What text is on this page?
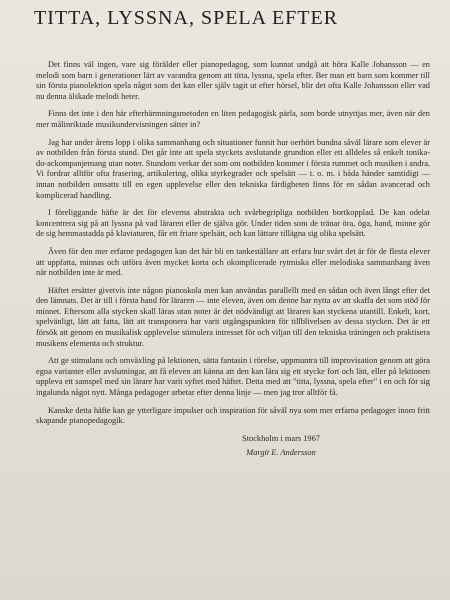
TITTA, LYSSNA, SPELA EFTER

Det finns väl ingen, vare sig förälder eller pianopedagog, som kunnat undgå att höra Kalle Johansson — en melodi som barn i generationer lärt av varandra genom att titta, lyssna, spela efter. Ber man ett barn som kommer till sin första pianolektion spela något som det kan eller själv tagit ut efter hörsel, blir det ofta Kalle Johansson eller vad nu denna älskade melodi heter.

Finns det inte i den här efterhärmningsmetoden en liten pedagogisk pärla, som borde utnyttjas mer, även när den mer målinriktade musikundervisningen sätter in?

Jag har under årens lopp i olika sammanhang och situationer funnit hur oerhört bundna såväl lärare som elever är av notbilden från första stund. Det går inte att spela styckets avslutande grundton eller ett alldeles så enkelt tonika-do-ackompanjemang utan noter. Stundom verkar det som om notbilden kommer i första rummet och musiken i andra. Vi fordrar alltför ofta frasering, artikulering, olika styrkegrader och spelsätt — t. o. m. i båda händer samtidigt — innan notbilden omsatts till en egen upplevelse eller den tekniska färdigheten finns för en sådan avancerad och komplicerad handling.

I föreliggande häfte är det för eleverna abstrakta och svårbegripliga notbilden bortkopplad. De kan odelat koncentrera sig på att lyssna på vad läraren eller de själva gör. Under tiden som de tränar öra, öga, hand, minne gör de sig hemmastadda på klaviaturen, får ett friare spelsätt, och kan lättare tillägna sig olika spelsätt.

Även för den mer erfarne pedagogen kan det här bli en tankeställare att erfara hur svårt det är för de flesta elever att uppfatta, minnas och utföra även mycket korta och okomplicerade rytmiska eller melodiska sammanhang även när notbilden inte är med.

Häftet ersätter givetvis inte någon pianoskola men kan användas parallellt med en sådan och även långt efter det den lämnats. Det är till i första hand för läraren — inte eleven, även om denne har nytta av att skaffa det som stöd för minnet. Eftersom alla stycken skall läras utan noter är det nödvändigt att läraren kan styckena utantill. Enkelt, kort, spelvänligt, lätt att fatta, lätt att transponera har varit utgångspunkten för tillblivelsen av dessa stycken. Det är ett försök att genom en musikalisk upplevelse stimulera intresset för och viljan till den tekniska träningen och praktisera musikens elementa och struktur.

Att ge stimulans och omväxling på lektionen, sätta fantasin i rörelse, uppmuntra till improvisation genom att göra egna varianter eller avslutningar, att få eleven att känna att den kan lära sig ett stycke fort och lätt, eller på lektionen uppleva ett samspel med sin lärare har varit syftet med häftet. Detta med att "titta, lyssna, spela efter" i en och för sig ingalunda något nytt. Många pedagoger arbetar efter denna linje — men jag tror alltför få.

Kanske detta häfte kan ge ytterligare impulser och inspiration för såväl nya som mer erfarna pedagoger inom fritt skapande pianopedagogik.

Stockholm i mars 1967

Margit E. Andersson
